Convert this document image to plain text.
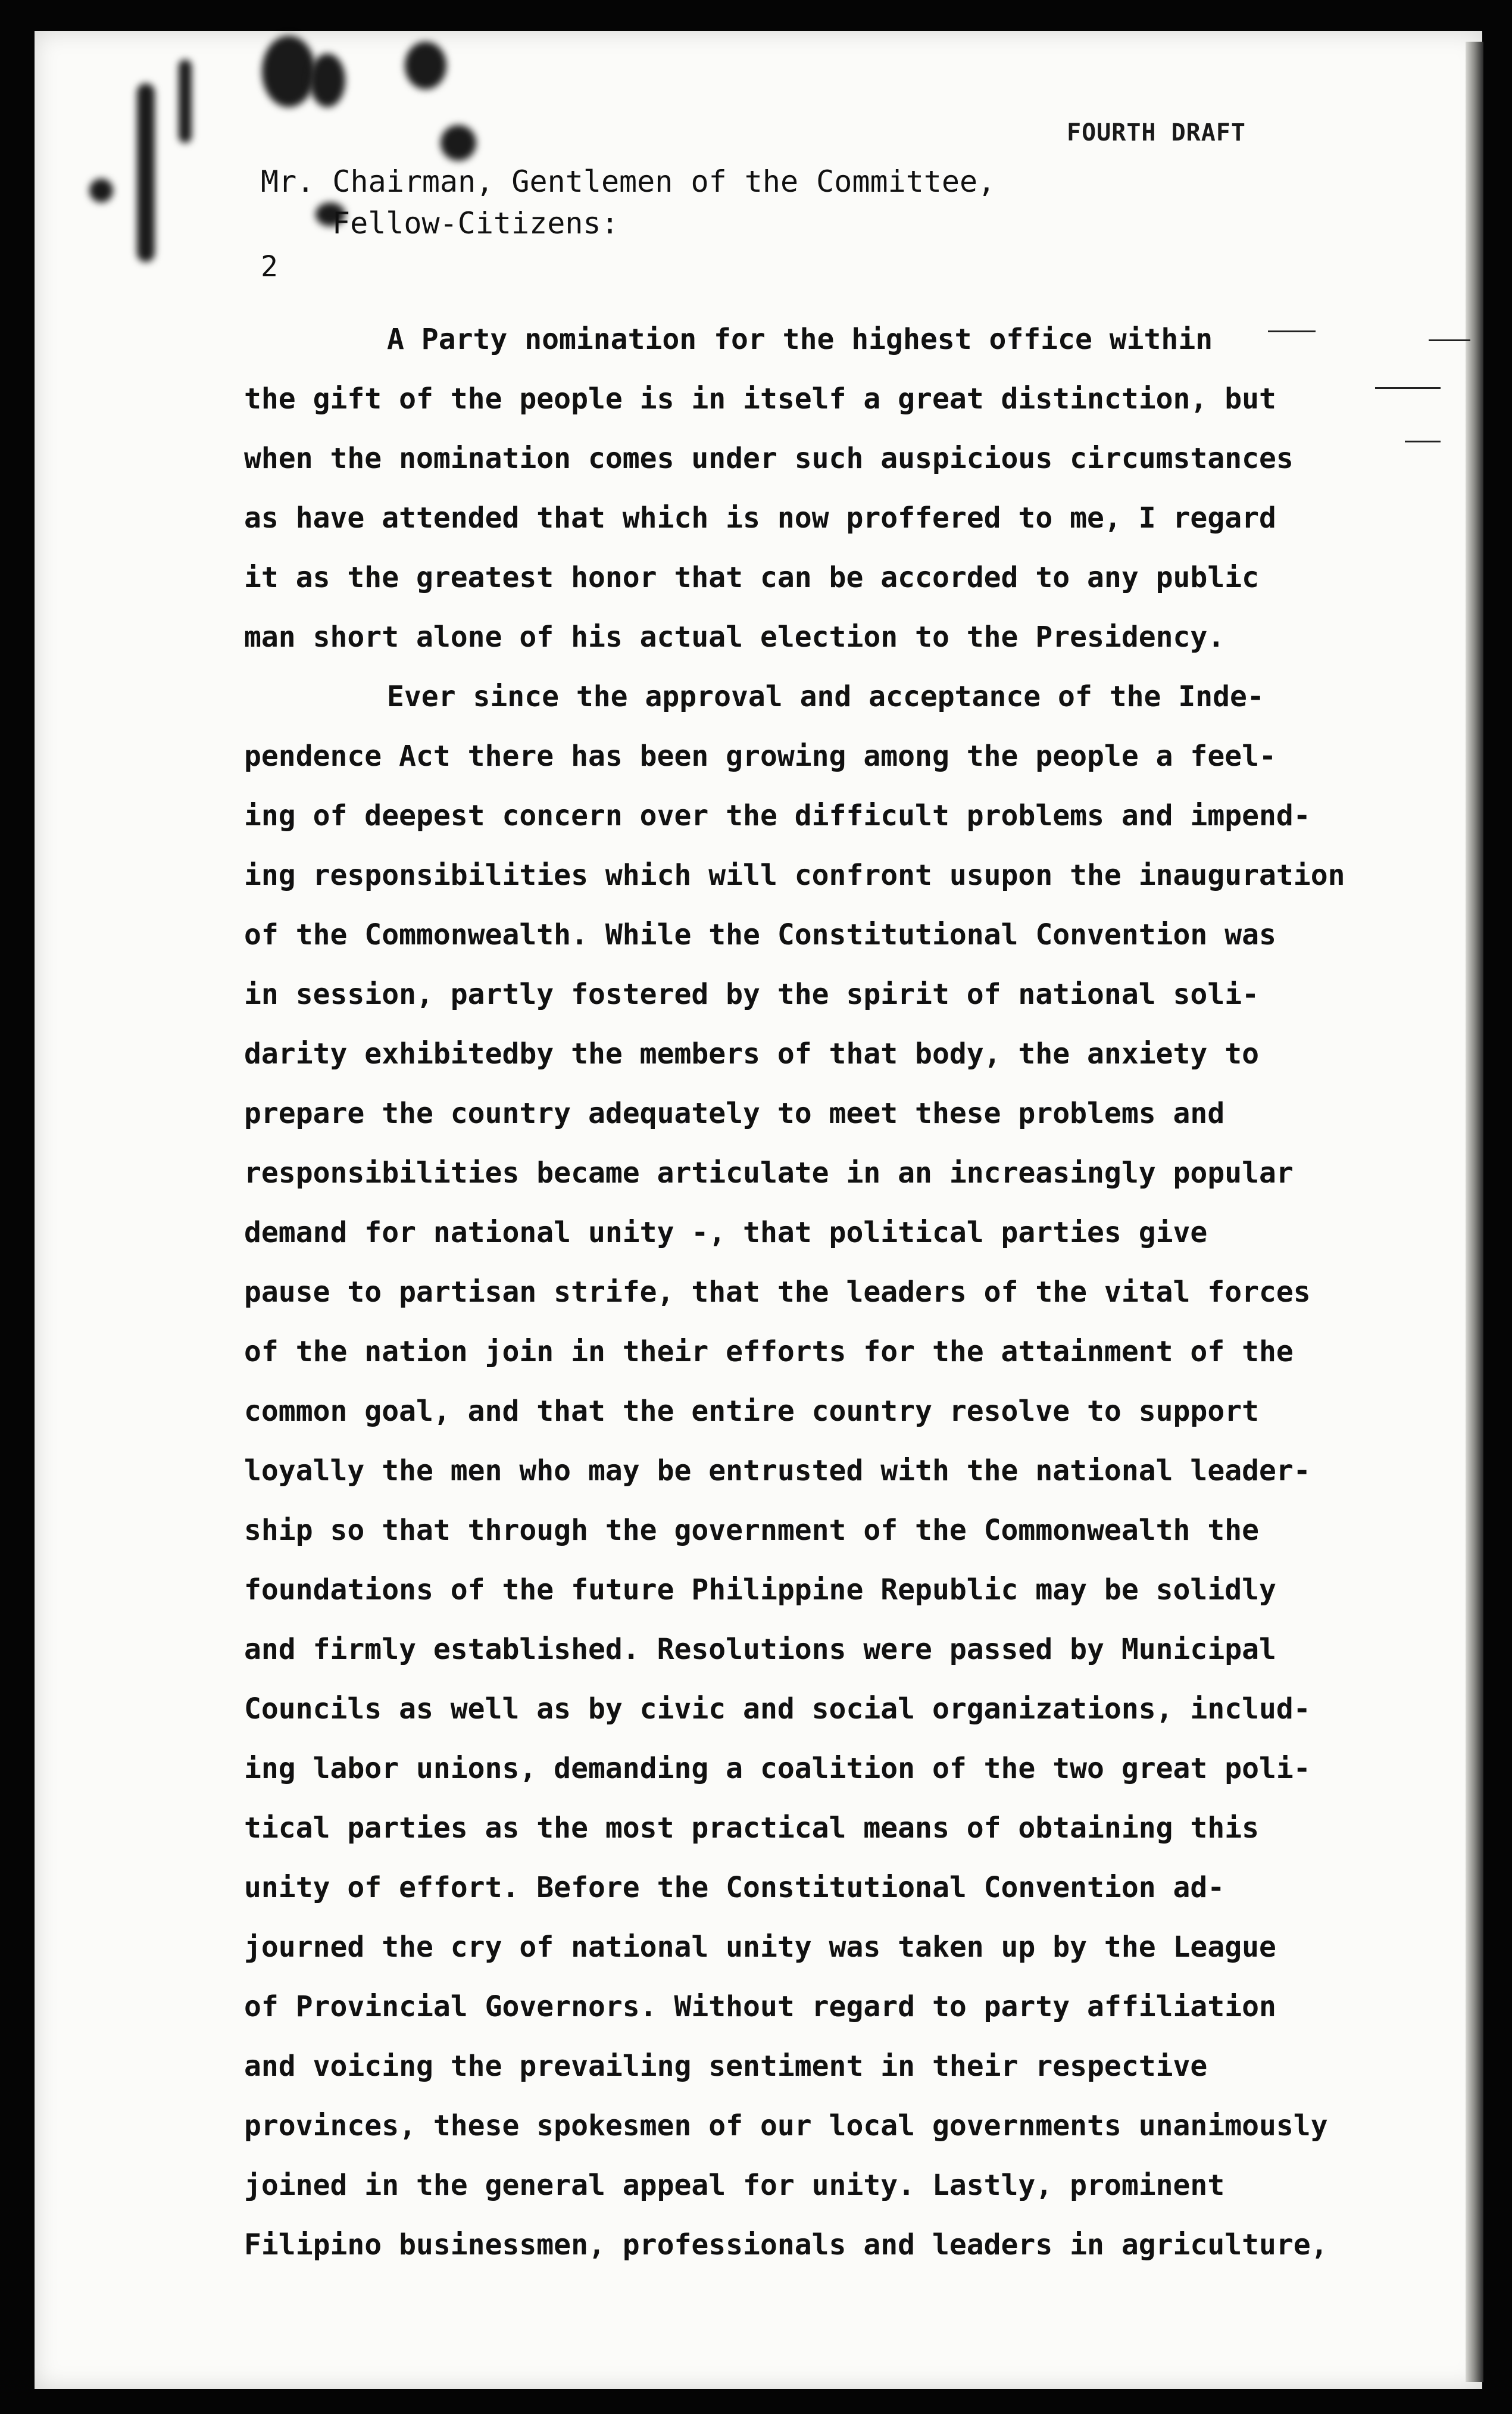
FOURTH DRAFT
Mr. Chairman, Gentlemen of the Committee,
Fellow-Citizens:
2
A Party nomination for the highest office within
the gift of the people is in itself a great distinction, but
when the nomination comes under such auspicious circumstances
as have attended that which is now proffered to me, I regard
it as the greatest honor that can be accorded to any public
man short alone of his actual election to the Presidency.
Ever since the approval and acceptance of the Inde-
pendence Act there has been growing among the people a feel-
ing of deepest concern over the difficult problems and impend-
ing responsibilities which will confront usupon the inauguration
of the Commonwealth. While the Constitutional Convention was
in session, partly fostered by the spirit of national soli-
darity exhibitedby the members of that body, the anxiety to
prepare the country adequately to meet these problems and
responsibilities became articulate in an increasingly popular
demand for national unity -, that political parties give
pause to partisan strife, that the leaders of the vital forces
of the nation join in their efforts for the attainment of the
common goal, and that the entire country resolve to support
loyally the men who may be entrusted with the national leader-
ship so that through the government of the Commonwealth the
foundations of the future Philippine Republic may be solidly
and firmly established. Resolutions were passed by Municipal
Councils as well as by civic and social organizations, includ-
ing labor unions, demanding a coalition of the two great poli-
tical parties as the most practical means of obtaining this
unity of effort. Before the Constitutional Convention ad-
journed the cry of national unity was taken up by the League
of Provincial Governors. Without regard to party affiliation
and voicing the prevailing sentiment in their respective
provinces, these spokesmen of our local governments unanimously
joined in the general appeal for unity. Lastly, prominent
Filipino businessmen, professionals and leaders in agriculture,
